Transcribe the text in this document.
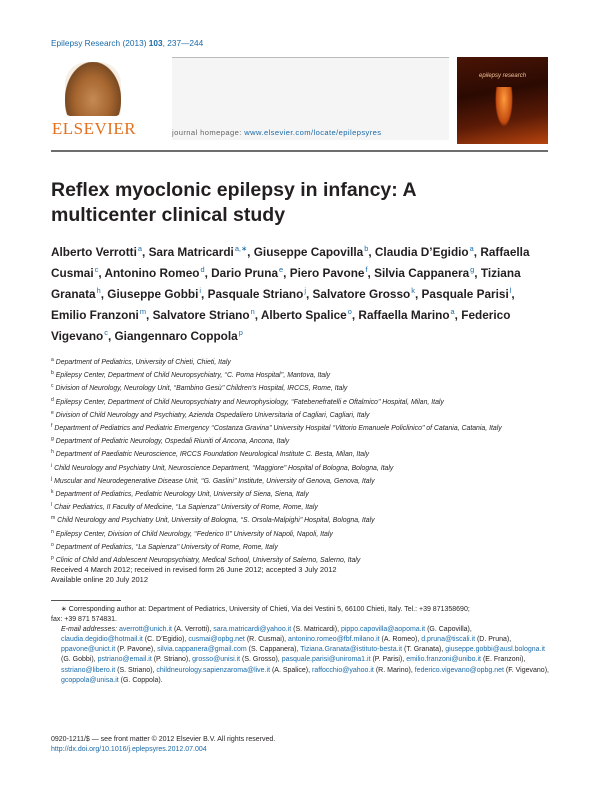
Epilepsy Research (2013) 103, 237—244
ELSEVIER	journal homepage: www.elsevier.com/locate/epilepsyres
epilepsy research
Reflex myoclonic epilepsy in infancy: A multicenter clinical study
Alberto Verrotti$^a$, Sara Matricardi$^{a,∗}$, Giuseppe Capovilla$^b$, Claudia D’Egidio$^a$, Raffaella Cusmai$^c$, Antonino Romeo$^d$, Dario Pruna$^e$, Piero Pavone$^f$, Silvia Cappanera$^g$, Tiziana Granata$^h$, Giuseppe Gobbi$^i$, Pasquale Striano$^j$, Salvatore Grosso$^k$, Pasquale Parisi$^l$, Emilio Franzoni$^m$, Salvatore Striano$^n$, Alberto Spalice$^o$, Raffaella Marino$^a$, Federico Vigevano$^c$, Giangennaro Coppola$^p$
$^a$ Department of Pediatrics, University of Chieti, Chieti, Italy
$^b$ Epilepsy Center, Department of Child Neuropsychiatry, ‘‘C. Poma Hospital’’, Mantova, Italy
$^c$ Division of Neurology, Neurology Unit, ‘‘Bambino Gesù’’ Children’s Hospital, IRCCS, Rome, Italy
$^d$ Epilepsy Center, Department of Child Neuropsychiatry and Neurophysiology, ‘‘Fatebenefratelli e Oftalmico’’ Hospital, Milan, Italy
$^e$ Division of Child Neurology and Psychiatry, Azienda Ospedaliero Universitaria of Cagliari, Cagliari, Italy
$^f$ Department of Pediatrics and Pediatric Emergency ‘‘Costanza Gravina’’ University Hospital ‘‘Vittorio Emanuele Policlinico’’ of Catania, Catania, Italy
$^g$ Department of Pediatric Neurology, Ospedali Riuniti of Ancona, Ancona, Italy
$^h$ Department of Paediatric Neuroscience, IRCCS Foundation Neurological Institute C. Besta, Milan, Italy
$^i$ Child Neurology and Psychiatry Unit, Neuroscience Department, ‘‘Maggiore’’ Hospital of Bologna, Bologna, Italy
$^j$ Muscular and Neurodegenerative Disease Unit, ‘‘G. Gaslini’’ Institute, University of Genova, Genova, Italy
$^k$ Department of Pediatrics, Pediatric Neurology Unit, University of Siena, Siena, Italy
$^l$ Chair Pediatrics, II Faculty of Medicine, ‘‘La Sapienza’’ University of Rome, Rome, Italy
$^m$ Child Neurology and Psychiatry Unit, University of Bologna, ‘‘S. Orsola-Malpighi’’ Hospital, Bologna, Italy
$^n$ Epilepsy Center, Division of Child Neurology, ‘‘Federico II’’ University of Napoli, Napoli, Italy
$^o$ Department of Pediatrics, ‘‘La Sapienza’’ University of Rome, Rome, Italy
$^p$ Clinic of Child and Adolescent Neuropsychiatry, Medical School, University of Salerno, Salerno, Italy
Received 4 March 2012; received in revised form 26 June 2012; accepted 3 July 2012
Available online 20 July 2012
∗ Corresponding author at: Department of Pediatrics, University of Chieti, Via dei Vestini 5, 66100 Chieti, Italy. Tel.: +39 871358690;
fax: +39 871 574831.
E-mail addresses: averrott@unich.it (A. Verrotti), sara.matricardi@yahoo.it (S. Matricardi), pippo.capovilla@aopoma.it (G. Capovilla), claudia.degidio@hotmail.it (C. D’Egidio), cusmai@opbg.net (R. Cusmai), antonino.romeo@fbf.milano.it (A. Romeo), d.pruna@tiscali.it (D. Pruna), ppavone@unict.it (P. Pavone), silvia.cappanera@gmail.com (S. Cappanera), Tiziana.Granata@istituto-besta.it (T. Granata), giuseppe.gobbi@ausl.bologna.it (G. Gobbi), pstriano@email.it (P. Striano), grosso@unisi.it (S. Grosso), pasquale.parisi@uniroma1.it (P. Parisi), emilio.franzoni@unibo.it (E. Franzoni), sstriano@libero.it (S. Striano), childneurology.sapienzaroma@live.it (A. Spalice), raffocchio@yahoo.it (R. Marino), federico.vigevano@opbg.net (F. Vigevano), gcoppola@unisa.it (G. Coppola).
0920-1211/$ — see front matter © 2012 Elsevier B.V. All rights reserved.
http://dx.doi.org/10.1016/j.eplepsyres.2012.07.004
